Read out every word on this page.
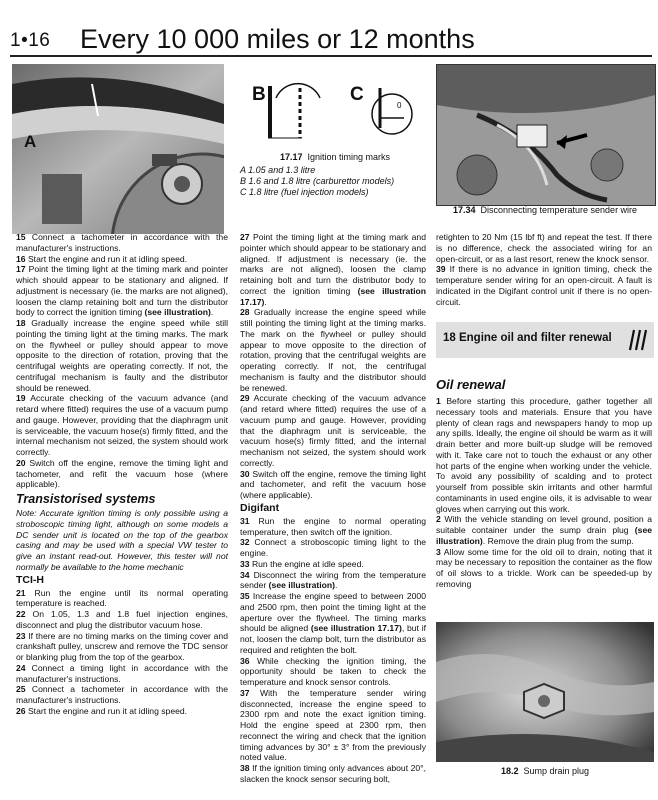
1•16 Every 10 000 miles or 12 months
A
B	C
0
17.17 Ignition timing marks
A 1.05 and 1.3 litre
B 1.6 and 1.8 litre (carburettor models)
C 1.8 litre (fuel injection models)
17.34 Disconnecting temperature sender wire

15 Connect a tachometer in accordance with the manufacturer's instructions.

16 Start the engine and run it at idling speed.

17 Point the timing light at the timing mark and pointer which should appear to be stationary and aligned. If adjustment is necessary (ie. the marks are not aligned), loosen the clamp retaining bolt and turn the distributor body to correct the ignition timing (see illustration).

18 Gradually increase the engine speed while still pointing the timing light at the timing marks. The mark on the flywheel or pulley should appear to move opposite to the direction of rotation, proving that the centrifugal weights are operating correctly. If not, the centrifugal mechanism is faulty and the distributor should be renewed.

19 Accurate checking of the vacuum advance (and retard where fitted) requires the use of a vacuum pump and gauge. However, providing that the diaphragm unit is serviceable, the vacuum hose(s) firmly fitted, and the internal mechanism not seized, the system should work correctly.

20 Switch off the engine, remove the timing light and tachometer, and refit the vacuum hose (where applicable).

Transistorised systems

Note: Accurate ignition timing is only possible using a stroboscopic timing light, although on some models a DC sender unit is located on the top of the gearbox casing and may be used with a special VW tester to give an instant read-out. However, this tester will not normally be available to the home mechanic

TCI-H

21 Run the engine until its normal operating temperature is reached.

22 On 1.05, 1.3 and 1.8 fuel injection engines, disconnect and plug the distributor vacuum hose.

23 If there are no timing marks on the timing cover and crankshaft pulley, unscrew and remove the TDC sensor or blanking plug from the top of the gearbox.

24 Connect a timing light in accordance with the manufacturer's instructions.

25 Connect a tachometer in accordance with the manufacturer's instructions.

26 Start the engine and run it at idling speed.

27 Point the timing light at the timing mark and pointer which should appear to be stationary and aligned. If adjustment is necessary (ie. the marks are not aligned), loosen the clamp retaining bolt and turn the distributor body to correct the ignition timing (see illustration 17.17).

28 Gradually increase the engine speed while still pointing the timing light at the timing marks. The mark on the flywheel or pulley should appear to move opposite to the direction of rotation, proving that the centrifugal weights are operating correctly. If not, the centrifugal mechanism is faulty and the distributor should be renewed.

29 Accurate checking of the vacuum advance (and retard where fitted) requires the use of a vacuum pump and gauge. However, providing that the diaphragm unit is serviceable, the vacuum hose(s) firmly fitted, and the internal mechanism not seized, the system should work correctly.

30 Switch off the engine, remove the timing light and tachometer, and refit the vacuum hose (where applicable).

Digifant

31 Run the engine to normal operating temperature, then switch off the ignition.

32 Connect a stroboscopic timing light to the engine.

33 Run the engine at idle speed.

34 Disconnect the wiring from the temperature sender (see illustration).

35 Increase the engine speed to between 2000 and 2500 rpm, then point the timing light at the aperture over the flywheel. The timing marks should be aligned (see illustration 17.17), but if not, loosen the clamp bolt, turn the distributor as required and retighten the bolt.

36 While checking the ignition timing, the opportunity should be taken to check the temperature and knock sensor controls.

37 With the temperature sender wiring disconnected, increase the engine speed to 2300 rpm and note the exact ignition timing. Hold the engine speed at 2300 rpm, then reconnect the wiring and check that the ignition timing advances by 30° ± 3° from the previously noted value.

38 If the ignition timing only advances about 20°, slacken the knock sensor securing bolt,

retighten to 20 Nm (15 lbf ft) and repeat the test. If there is no difference, check the associated wiring for an open-circuit, or as a last resort, renew the knock sensor.

39 If there is no advance in ignition timing, check the temperature sender wiring for an open-circuit. A fault is indicated in the Digifant control unit if there is no open-circuit.

18 Engine oil and filter renewal
Oil renewal

1 Before starting this procedure, gather together all necessary tools and materials. Ensure that you have plenty of clean rags and newspapers handy to mop up any spills. Ideally, the engine oil should be warm as it will drain better and more built-up sludge will be removed with it. Take care not to touch the exhaust or any other hot parts of the engine when working under the vehicle. To avoid any possibility of scalding and to protect yourself from possible skin irritants and other harmful contaminants in used engine oils, it is advisable to wear gloves when carrying out this work.

2 With the vehicle standing on level ground, position a suitable container under the sump drain plug (see illustration). Remove the drain plug from the sump.

3 Allow some time for the old oil to drain, noting that it may be necessary to reposition the container as the flow of oil slows to a trickle. Work can be speeded-up by removing

18.2 Sump drain plug
